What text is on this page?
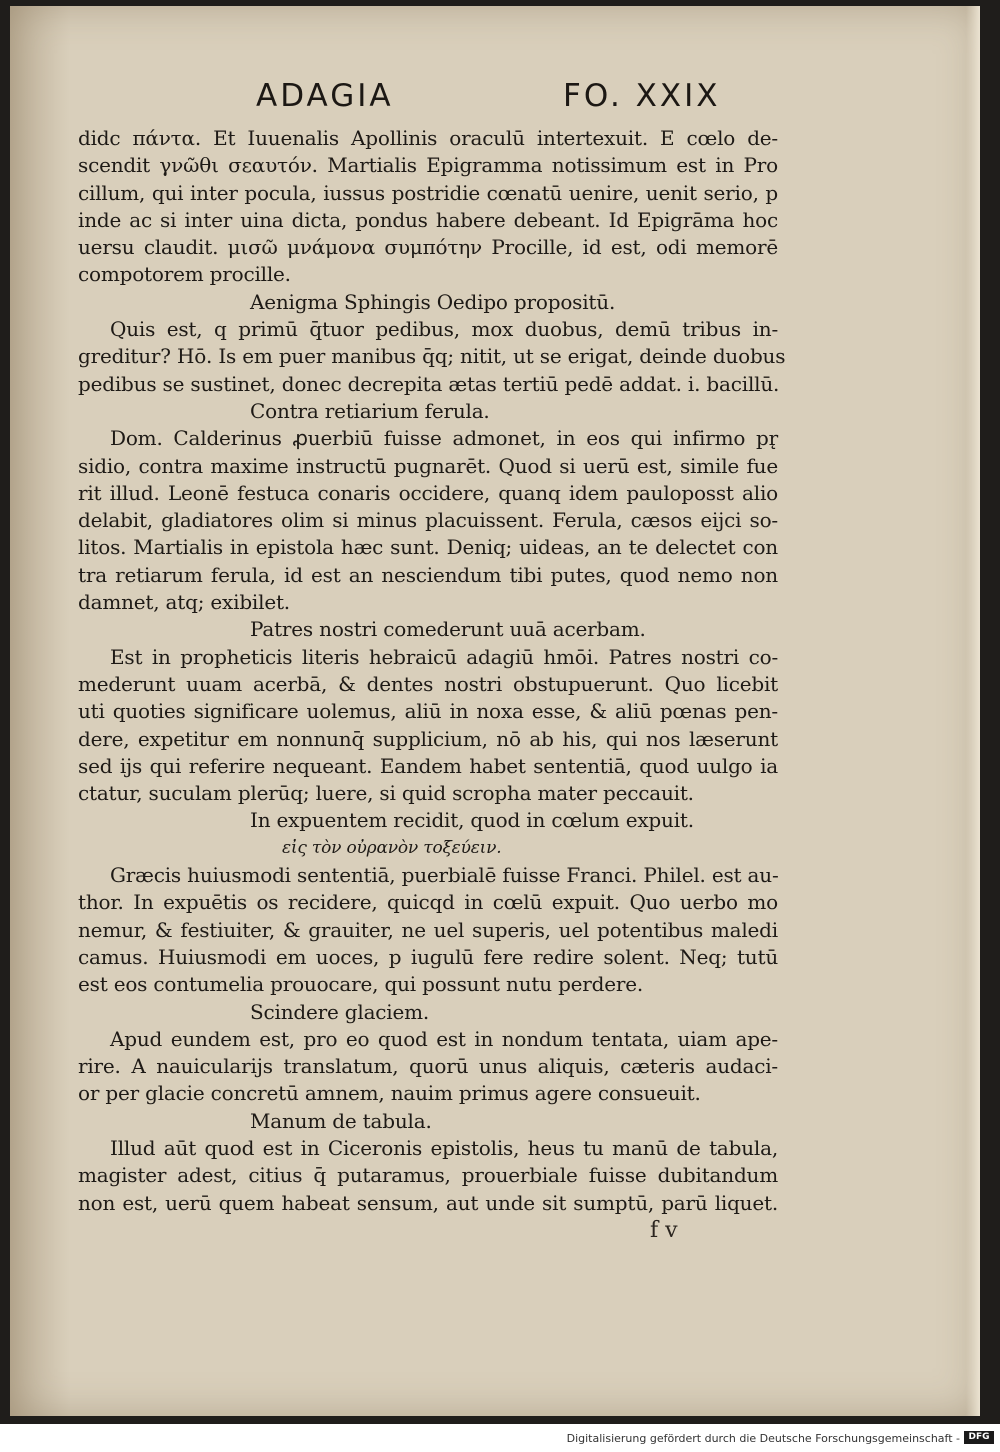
ADAGIA	FO. XXIX
didc πάντα. Et Iuuenalis Apollinis oraculū intertexuit. E cœlo de-
scendit γνῶθι σεαυτόν. Martialis Epigramma notissimum est in Pro
cillum, qui inter pocula, iussus postridie cœnatū uenire, uenit serio, p
inde ac si inter uina dicta, pondus habere debeant. Id Epigrāma hoc
uersu claudit. μισῶ μνάμονα συμπότην Procille, id est, odi memorē
compotorem procille.
Aenigma Sphingis Oedipo propositū.
Quis est, q primū q̄tuor pedibus, mox duobus, demū tribus in-
greditur? Hō. Is em puer manibus q̄q; nitit, ut se erigat, deinde duobus
pedibus se sustinet, donec decrepita ætas tertiū pedē addat. i. bacillū.
Contra retiarium ferula.
Dom. Calderinus ꝓuerbiū fuisse admonet, in eos qui infirmo pr̨
sidio, contra maxime instructū pugnarēt. Quod si uerū est, simile fue
rit illud. Leonē festuca conaris occidere, quanq idem pauloposst alio
delabit, gladiatores olim si minus placuissent. Ferula, cæsos eijci so-
litos. Martialis in epistola hæc sunt. Deniq; uideas, an te delectet con
tra retiarum ferula, id est an nesciendum tibi putes, quod nemo non
damnet, atq; exibilet.
Patres nostri comederunt uuā acerbam.
Est in propheticis literis hebraicū adagiū hmōi. Patres nostri co-
mederunt uuam acerbā, & dentes nostri obstupuerunt. Quo licebit
uti quoties significare uolemus, aliū in noxa esse, & aliū pœnas pen-
dere, expetitur em nonnunq̄ supplicium, nō ab his, qui nos læserunt
sed ijs qui referire nequeant. Eandem habet sententiā, quod uulgo ia
ctatur, suculam plerūq; luere, si quid scropha mater peccauit.
In expuentem recidit, quod in cœlum expuit.
εἰς τὸν οὐρανὸν τοξεύειν.
Græcis huiusmodi sententiā, puerbialē fuisse Franci. Philel. est au-
thor. In expuētis os recidere, quicqd in cœlū expuit. Quo uerbo mo
nemur, & festiuiter, & grauiter, ne uel superis, uel potentibus maledi
camus. Huiusmodi em uoces, p iugulū fere redire solent. Neq; tutū
est eos contumelia prouocare, qui possunt nutu perdere.
Scindere glaciem.
Apud eundem est, pro eo quod est in nondum tentata, uiam ape-
rire. A nauicularijs translatum, quorū unus aliquis, cæteris audaci-
or per glacie concretū amnem, nauim primus agere consueuit.
Manum de tabula.
Illud aūt quod est in Ciceronis epistolis, heus tu manū de tabula,
magister adest, citius q̄ putaramus, prouerbiale fuisse dubitandum
non est, uerū quem habeat sensum, aut unde sit sumptū, parū liquet.
f v
Digitalisierung gefördert durch die Deutsche Forschungsgemeinschaft - DFG
